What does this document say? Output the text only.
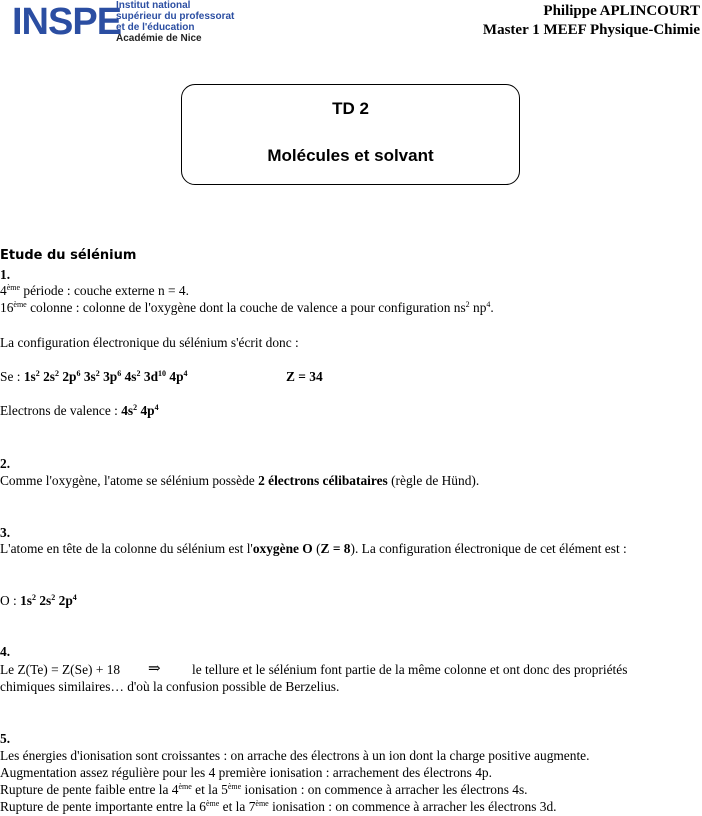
INSPE
Institut national
supérieur du professorat
et de l'éducation
Académie de Nice
Philippe APLINCOURT
Master 1 MEEF Physique-Chimie
TD 2
Molécules et solvant
Etude du sélénium
1.
4ème période : couche externe n = 4.
16ème colonne : colonne de l'oxygène dont la couche de valence a pour configuration $ns^2$ $np^4$.
La configuration électronique du sélénium s'écrit donc :
Se : $1s^2$ $2s^2$ $2p^6$ $3s^2$ $3p^6$ $4s^2$ $3d^{10}$ $4p^4$	Z = 34
Electrons de valence : $4s^2$ $4p^4$
2.
Comme l'oxygène, l'atome se sélénium possède 2 électrons célibataires (règle de Hünd).
3.
L'atome en tête de la colonne du sélénium est l'oxygène O (Z = 8). La configuration électronique de cet élément est :
O : $1s^2$ $2s^2$ $2p^4$
4.
Le Z(Te) = Z(Se) + 18 ⇒ le tellure et le sélénium font partie de la même colonne et ont donc des propriétés
chimiques similaires… d'où la confusion possible de Berzelius.
5.
Les énergies d'ionisation sont croissantes : on arrache des électrons à un ion dont la charge positive augmente.
Augmentation assez régulière pour les 4 première ionisation : arrachement des électrons 4p.
Rupture de pente faible entre la 4ème et la 5ème ionisation : on commence à arracher les électrons 4s.
Rupture de pente importante entre la 6ème et la 7ème ionisation : on commence à arracher les électrons 3d.
